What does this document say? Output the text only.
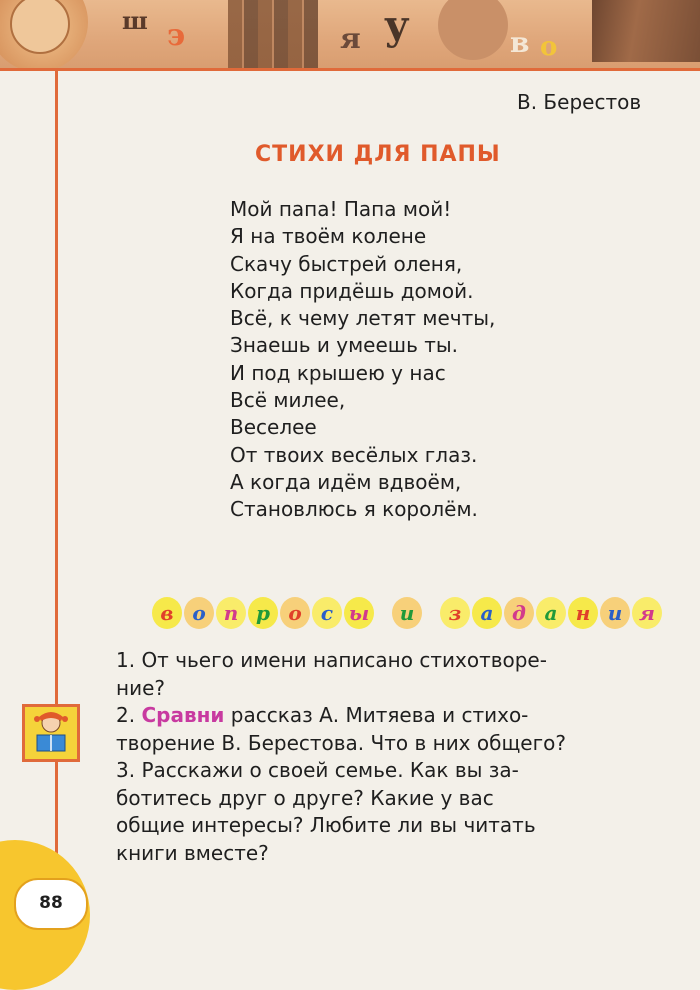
ш э	я у	в о
В. Берестов
СТИХИ ДЛЯ ПАПЫ
Мой папа! Папа мой!
Я на твоём колене
Скачу быстрей оленя,
Когда придёшь домой.
Всё, к чему летят мечты,
Знаешь и умеешь ты.
И под крышею у нас
Всё милее,
Веселее
От твоих весёлых глаз.
А когда идём вдвоём,
Становлюсь я королём.
в о п р о с ы	и	з а д а н и я
1. От чьего имени написано стихотворе-
ние?
2. Сравни рассказ А. Митяева и стихо-
творение В. Берестова. Что в них общего?
3. Расскажи о своей семье. Как вы за-
ботитесь друг о друге? Какие у вас
общие интересы? Любите ли вы читать
книги вместе?
88
